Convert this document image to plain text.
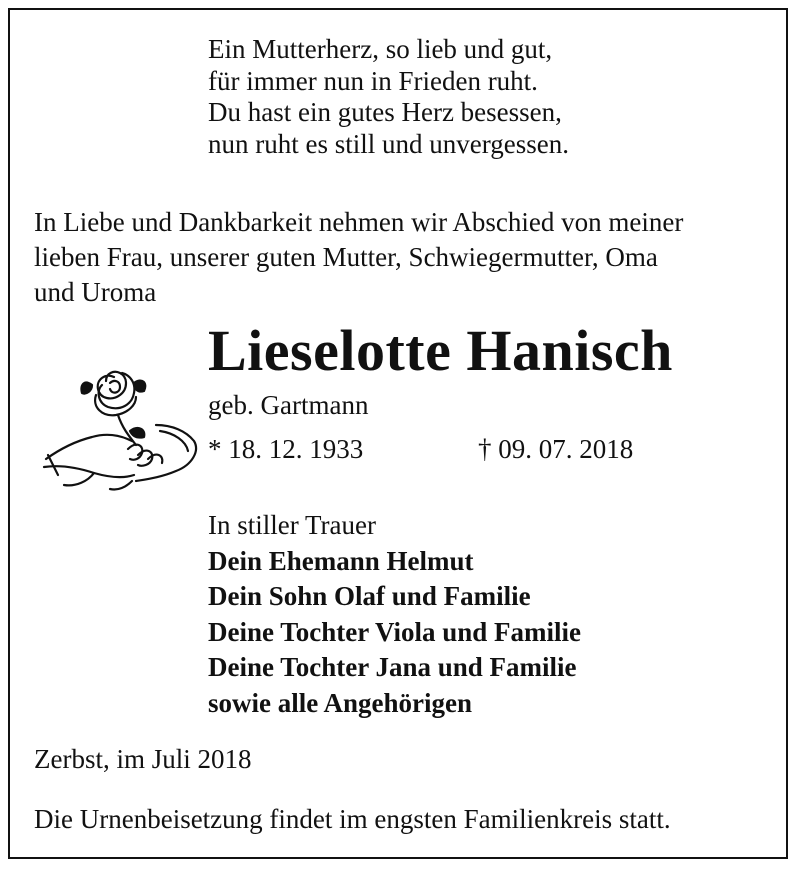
Ein Mutterherz, so lieb und gut,
für immer nun in Frieden ruht.
Du hast ein gutes Herz besessen,
nun ruht es still und unvergessen.
In Liebe und Dankbarkeit nehmen wir Abschied von meiner
lieben Frau, unserer guten Mutter, Schwiegermutter, Oma
und Uroma
Lieselotte Hanisch
geb. Gartmann
* 18. 12. 1933	† 09. 07. 2018
In stiller Trauer
Dein Ehemann Helmut
Dein Sohn Olaf und Familie
Deine Tochter Viola und Familie
Deine Tochter Jana und Familie
sowie alle Angehörigen
Zerbst, im Juli 2018
Die Urnenbeisetzung findet im engsten Familienkreis statt.
